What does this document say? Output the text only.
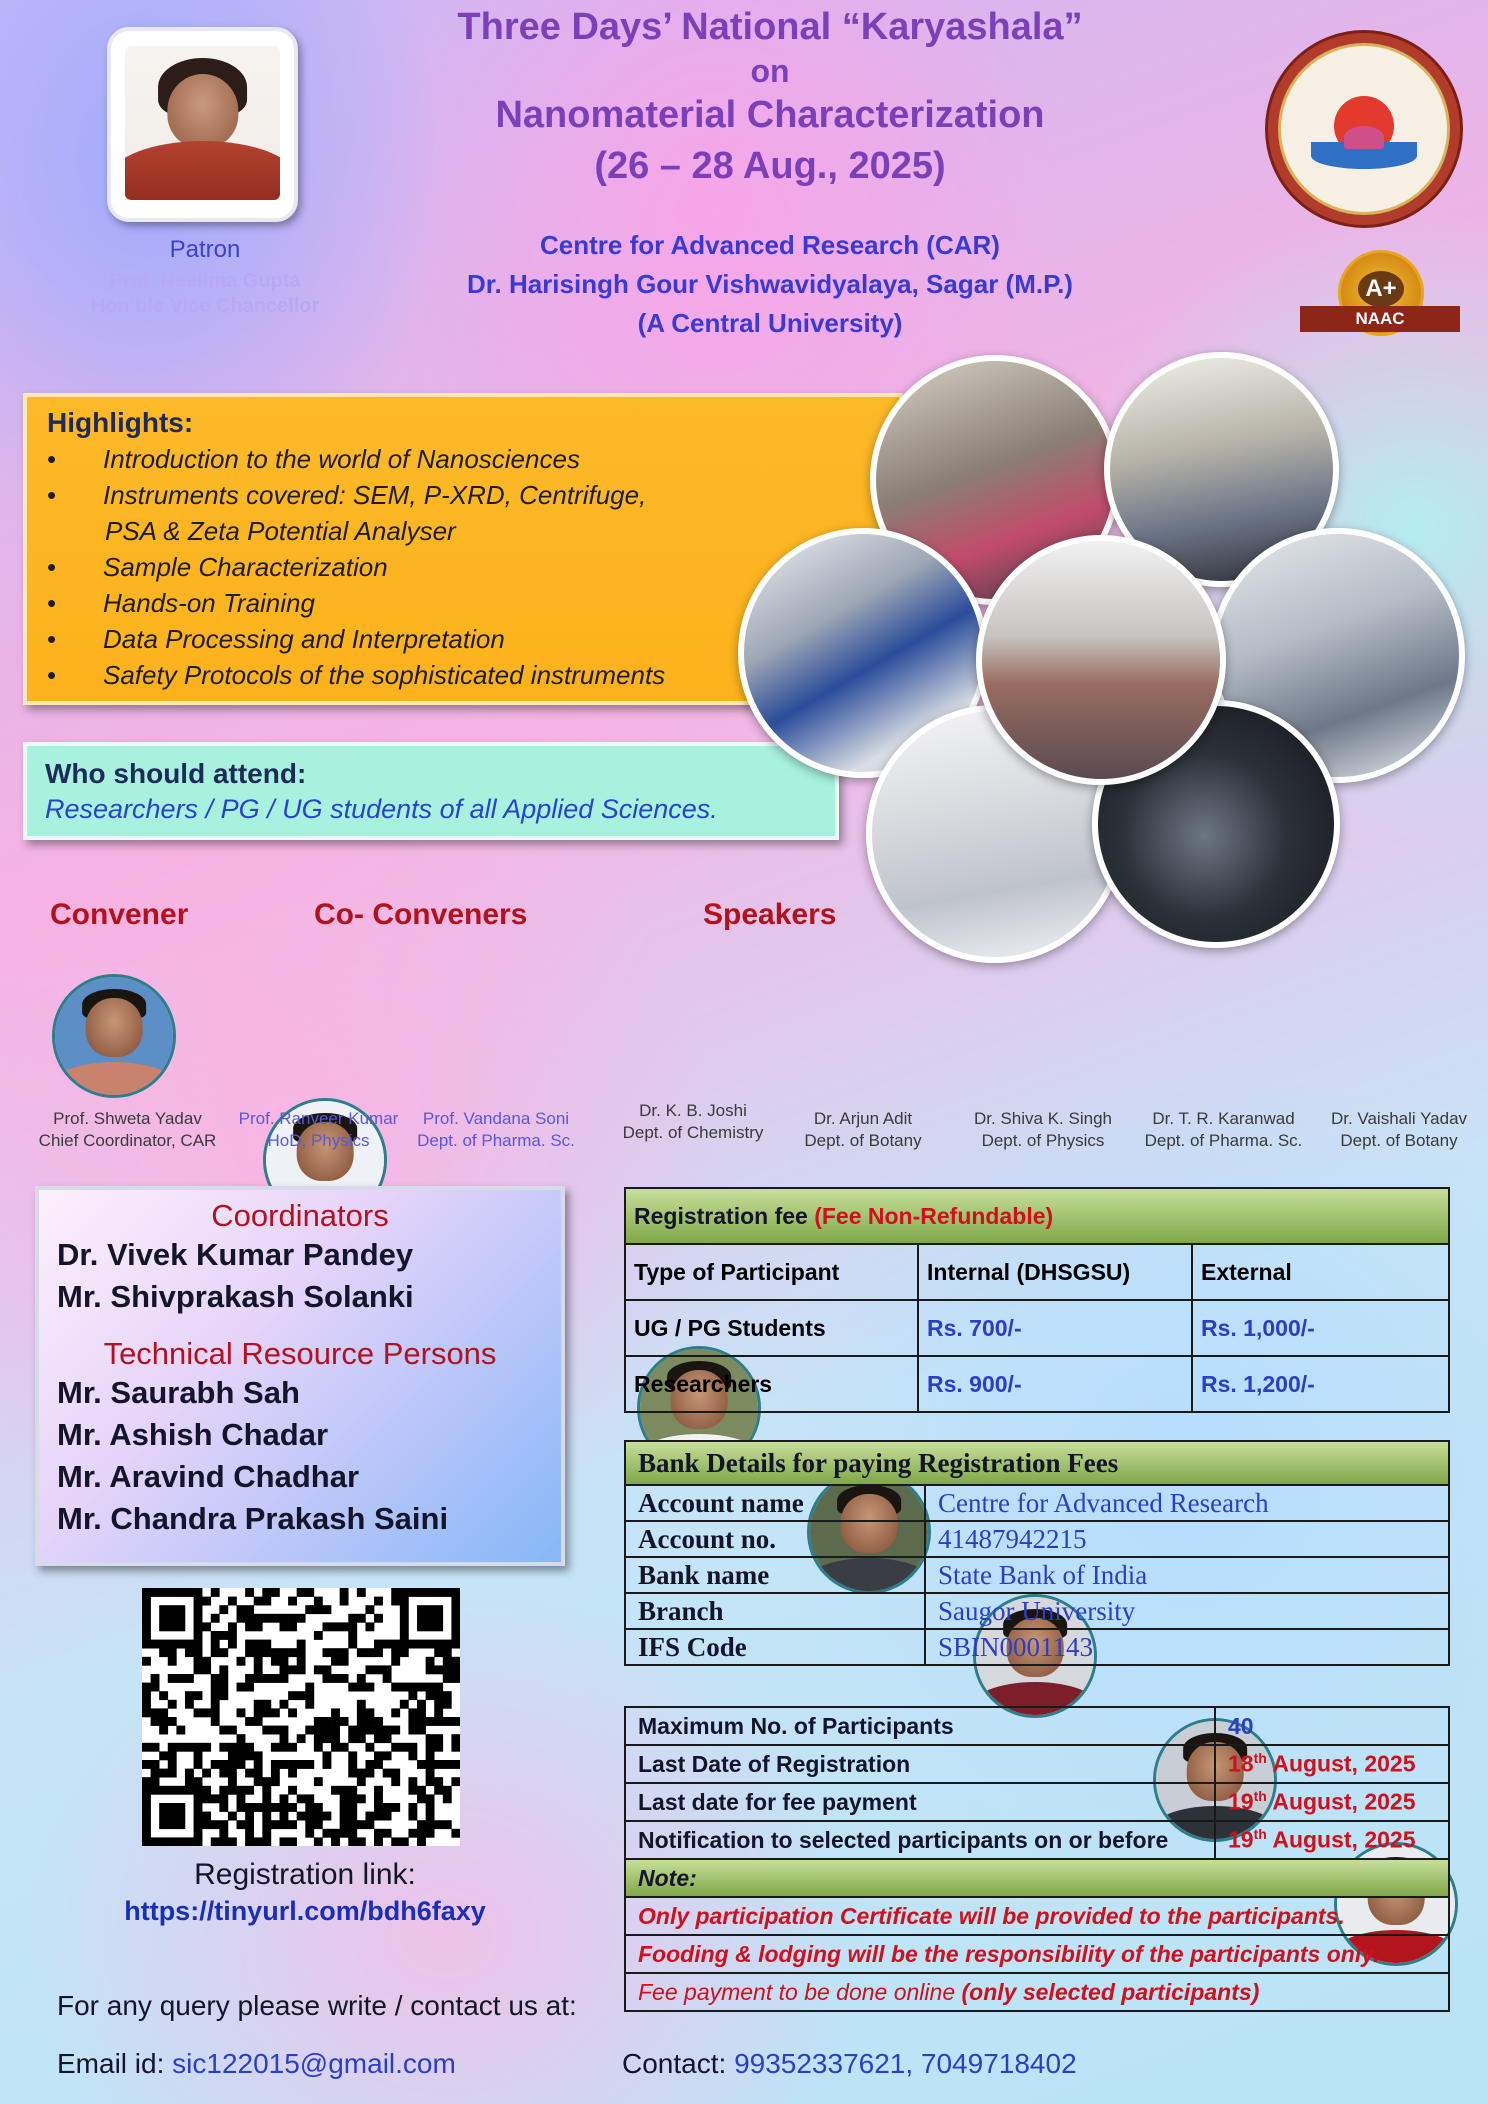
Patron
Prof. Neelima Gupta
Hon’ble Vice Chancellor
Three Days’ National “Karyashala”
on
Nanomaterial Characterization
(26 – 28 Aug., 2025)
Centre for Advanced Research (CAR)
Dr. Harisingh Gour Vishwavidyalaya, Sagar (M.P.)
(A Central University)
A+
NAAC
Highlights:
• Introduction to the world of Nanosciences
• Instruments covered: SEM, P-XRD, Centrifuge,
PSA & Zeta Potential Analyser
• Sample Characterization
• Hands-on Training
• Data Processing and Interpretation
• Safety Protocols of the sophisticated instruments
Who should attend:
Researchers / PG / UG students of all Applied Sciences.
Convener	Co- Conveners	Speakers
Prof. Shweta Yadav
Chief Coordinator, CAR
Prof. Ranveer Kumar
HoD, Physics
Prof. Vandana Soni
Dept. of Pharma. Sc.
Dr. K. B. Joshi
Dept. of Chemistry
Dr. Arjun Adit
Dept. of Botany
Dr. Shiva K. Singh
Dept. of Physics
Dr. T. R. Karanwad
Dept. of Pharma. Sc.
Dr. Vaishali Yadav
Dept. of Botany
Coordinators
Dr. Vivek Kumar Pandey
Mr. Shivprakash Solanki
Technical Resource Persons
Mr. Saurabh Sah
Mr. Ashish Chadar
Mr. Aravind Chadhar
Mr. Chandra Prakash Saini
Registration fee (Fee Non-Refundable)		
Type of Participant	Internal (DHSGSU)	External
UG / PG Students	Rs. 700/-	Rs. 1,000/-
Researchers	Rs. 900/-	Rs. 1,200/-
Bank Details for paying Registration Fees	
Account name	Centre for Advanced Research
Account no.	41487942215
Bank name	State Bank of India
Branch	Saugor University
IFS Code	SBIN0001143
Maximum No. of Participants	40
Last Date of Registration	18th August, 2025
Last date for fee payment	19th August, 2025
Notification to selected participants on or before	19th August, 2025
Note:	
Only participation Certificate will be provided to the participants.	
Fooding & lodging will be the responsibility of the participants only.	
Fee payment to be done online (only selected participants)	
Registration link:
https://tinyurl.com/bdh6faxy
For any query please write / contact us at:
Email id: sic122015@gmail.com	Contact: 99352337621, 7049718402
